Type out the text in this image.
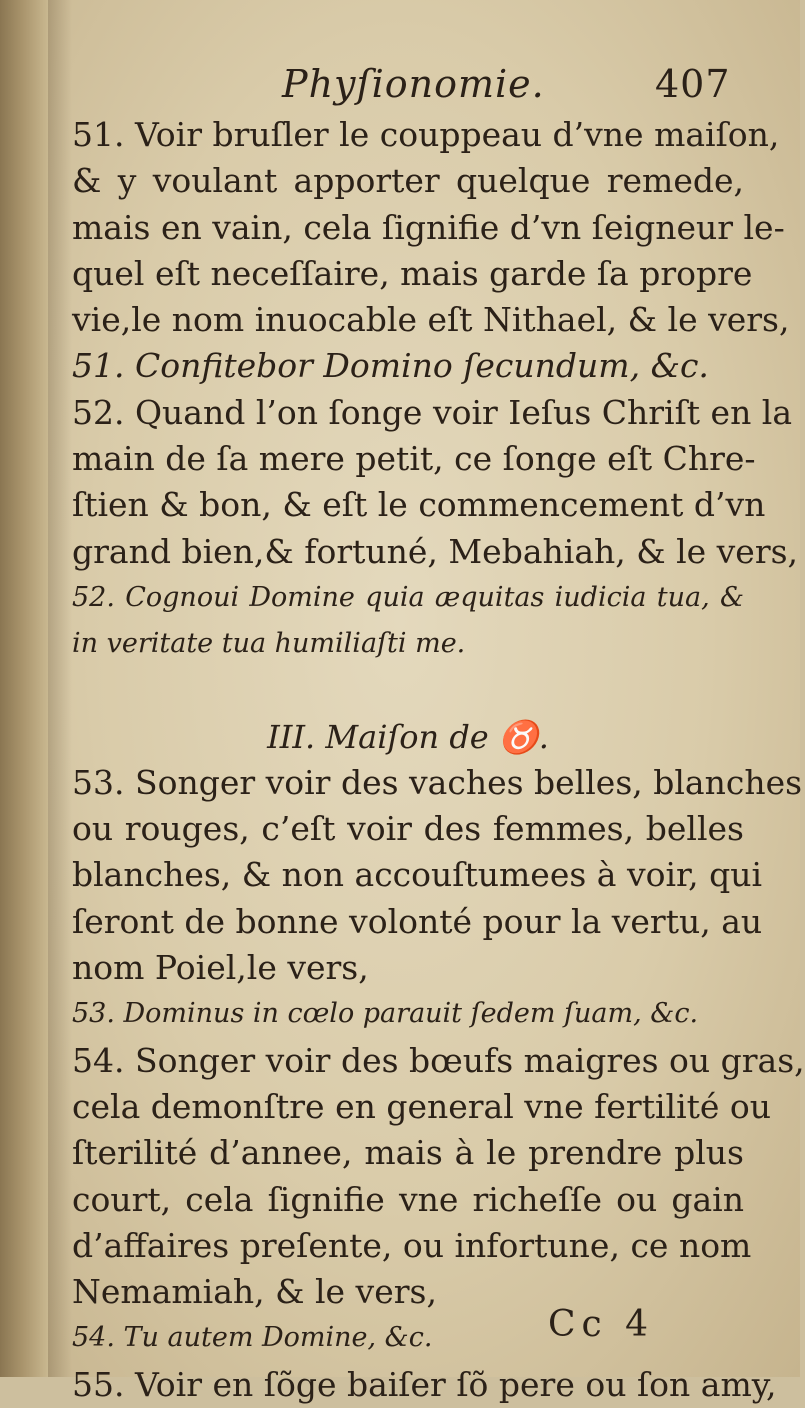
Phyſionomie.	407
51. Voir bruſler le couppeau d’vne maiſon,
& y voulant apporter quelque remede,
mais en vain, cela ſignifie d’vn ſeigneur le-
quel eſt neceſſaire, mais garde ſa propre
vie,le nom inuocable eſt Nithael, & le vers,
51. Confitebor Domino ſecundum, &c.
52. Quand l’on ſonge voir Ieſus Chriſt en la
main de ſa mere petit, ce ſonge eſt Chre-
ſtien & bon, & eſt le commencement d’vn
grand bien,& fortuné, Mebahiah, & le vers,
52. Cognoui Domine quia æquitas iudicia tua, &
in veritate tua humiliaſti me.
III. Maiſon de ♉.
53. Songer voir des vaches belles, blanches
ou rouges, c’eſt voir des femmes, belles
blanches, & non accouſtumees à voir, qui
ſeront de bonne volonté pour la vertu, au
nom Poiel,le vers,
53. Dominus in cœlo parauit ſedem ſuam, &c.
54. Songer voir des bœufs maigres ou gras,
cela demonſtre en general vne fertilité ou
ſterilité d’annee, mais à le prendre plus
court, cela ſignifie vne richeſſe ou gain
d’affaires preſente, ou infortune, ce nom
Nemamiah, & le vers,
54. Tu autem Domine, &c.
55. Voir en ſõge baiſer ſõ pere ou ſon amy,
Cc 4
